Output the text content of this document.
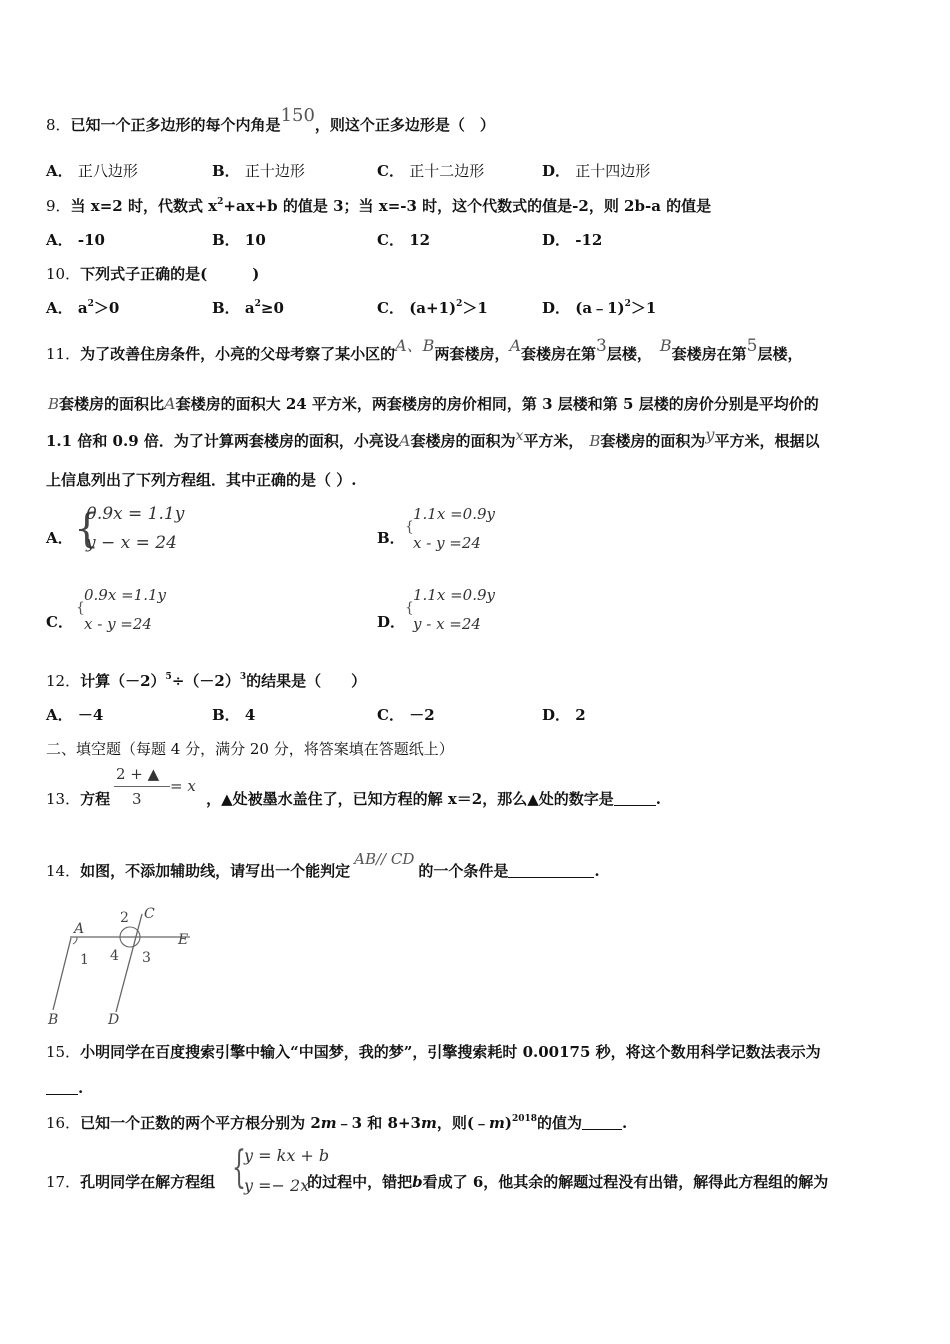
8．已知一个正多边形的每个内角是150，则这个正多边形是（　）
A． 正八边形	B． 正十边形	C． 正十二边形	D． 正十四边形
9．当 x=2 时，代数式 $x^2+ax+b$ 的值是 3；当 x=-3 时，这个代数式的值是-2，则 2b-a 的值是
A． -10	B． 10	C． 12	D． -12
10．下列式子正确的是(　　　)
A． $a^2>0$	B． $a^2\ge 0$	C． $(a+1)^2>1$	D． (a﹣1)$^2$＞1
11．为了改善住房条件，小亮的父母考察了某小区的A、B两套楼房，A套楼房在第3层楼， B套楼房在第5层楼，
B套楼房的面积比A套楼房的面积大 24 平方米，两套楼房的房价相同，第 3 层楼和第 5 层楼的房价分别是平均价的
1.1 倍和 0.9 倍．为了计算两套楼房的面积，小亮设A套楼房的面积为x平方米， B套楼房的面积为y平方米，根据以
上信息列出了下列方程组．其中正确的是（ ）.
A． {
0.9x = 1.1y
y − x = 24	B．
{
1.1x =0.9y
x - y =24
C．
{
0.9x =1.1y
x - y =24	D．
{
1.1x =0.9y
y - x =24
12．计算$(-2)^5\div(-2)^3$的结果是（　　）
A． －4	B． 4	C． －2	D． 2
二、填空题（每题 4 分，满分 20 分，将答案填在答题纸上）
13．方程	，▲处被墨水盖住了，已知方程的解 x＝2，那么▲处的数字是	.
2 + ▲
3
= x
14．如图，不添加辅助线，请写出一个能判定AB// CD的一个条件是	.
A
2 C
E
1 4 3
B	D
15．小明同学在百度搜索引擎中输入“中国梦，我的梦”，引擎搜索耗时 0.00175 秒，将这个数用科学记数法表示为
.
16．已知一个正数的两个平方根分别为 2m﹣3 和 8+3m，则(﹣m)$^{2018}$的值为	.
17．孔明同学在解方程组	的过程中，错把b看成了 6，他其余的解题过程没有出错，解得此方程组的解为
{
y = kx + b
y =− 2x
